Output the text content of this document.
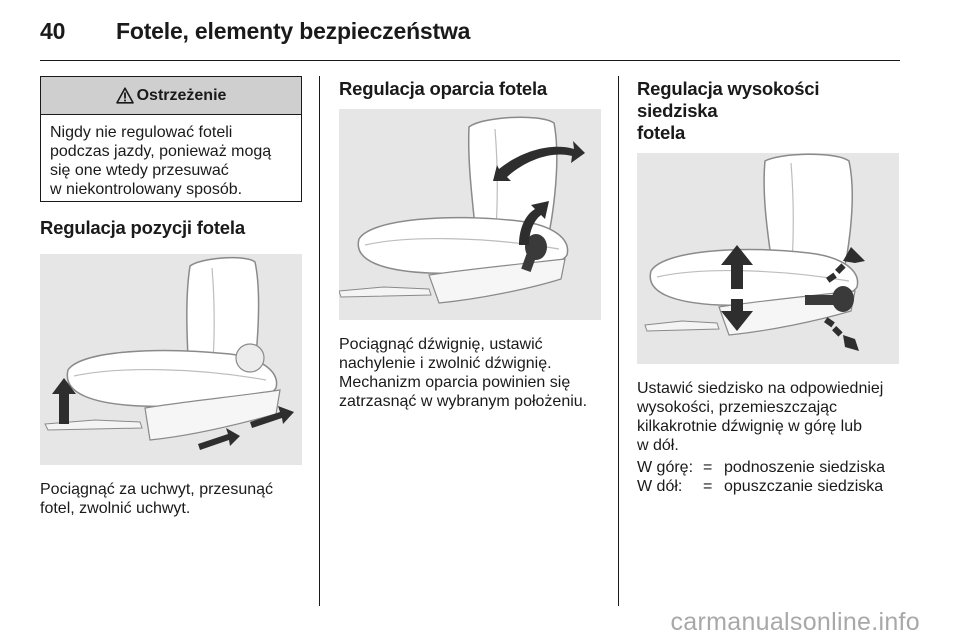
40 Fotele, elementy bezpieczeństwa
Ostrzeżenie
Nigdy nie regulować foteli
podczas jazdy, ponieważ mogą
się one wtedy przesuwać
w niekontrolowany sposób.
Regulacja pozycji fotela

Pociągnąć za uchwyt, przesunąć

fotel, zwolnić uchwyt.

Regulacja oparcia fotela

Pociągnąć dźwignię, ustawić

nachylenie i zwolnić dźwignię.

Mechanizm oparcia powinien się

zatrzasnąć w wybranym położeniu.

Regulacja wysokości siedziska
fotela

Ustawić siedzisko na odpowiedniej

wysokości, przemieszczając

kilkakrotnie dźwignię w górę lub

w dół.

W górę:	=	podnoszenie siedziska
W dół:	=	opuszczanie siedziska
carmanualsonline.info
